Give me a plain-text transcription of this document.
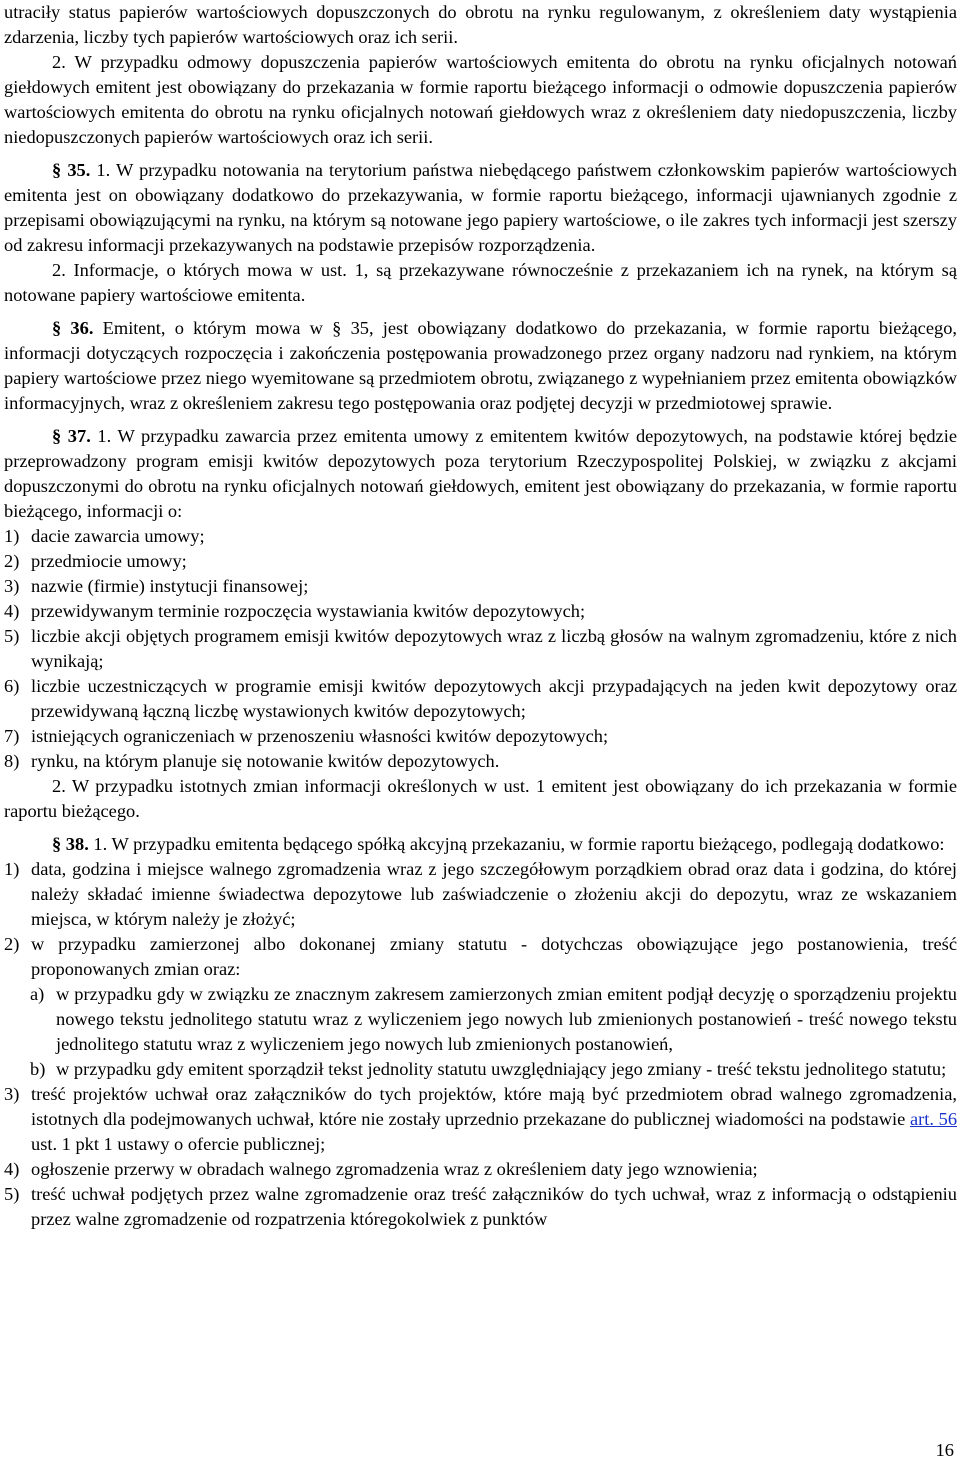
utraciły status papierów wartościowych dopuszczonych do obrotu na rynku regulowanym, z określeniem daty wystąpienia zdarzenia, liczby tych papierów wartościowych oraz ich serii.

2. W przypadku odmowy dopuszczenia papierów wartościowych emitenta do obrotu na rynku oficjalnych notowań giełdowych emitent jest obowiązany do przekazania w formie raportu bieżącego informacji o odmowie dopuszczenia papierów wartościowych emitenta do obrotu na rynku oficjalnych notowań giełdowych wraz z określeniem daty niedopuszczenia, liczby niedopuszczonych papierów wartościowych oraz ich serii.

§ 35. 1. W przypadku notowania na terytorium państwa niebędącego państwem członkowskim papierów wartościowych emitenta jest on obowiązany dodatkowo do przekazywania, w formie raportu bieżącego, informacji ujawnianych zgodnie z przepisami obowiązującymi na rynku, na którym są notowane jego papiery wartościowe, o ile zakres tych informacji jest szerszy od zakresu informacji przekazywanych na podstawie przepisów rozporządzenia.

2. Informacje, o których mowa w ust. 1, są przekazywane równocześnie z przekazaniem ich na rynek, na którym są notowane papiery wartościowe emitenta.

§ 36. Emitent, o którym mowa w § 35, jest obowiązany dodatkowo do przekazania, w formie raportu bieżącego, informacji dotyczących rozpoczęcia i zakończenia postępowania prowadzonego przez organy nadzoru nad rynkiem, na którym papiery wartościowe przez niego wyemitowane są przedmiotem obrotu, związanego z wypełnianiem przez emitenta obowiązków informacyjnych, wraz z określeniem zakresu tego postępowania oraz podjętej decyzji w przedmiotowej sprawie.

§ 37. 1. W przypadku zawarcia przez emitenta umowy z emitentem kwitów depozytowych, na podstawie której będzie przeprowadzony program emisji kwitów depozytowych poza terytorium Rzeczypospolitej Polskiej, w związku z akcjami dopuszczonymi do obrotu na rynku oficjalnych notowań giełdowych, emitent jest obowiązany do przekazania, w formie raportu bieżącego, informacji o:

1) dacie zawarcia umowy;
2) przedmiocie umowy;
3) nazwie (firmie) instytucji finansowej;
4) przewidywanym terminie rozpoczęcia wystawiania kwitów depozytowych;
5) liczbie akcji objętych programem emisji kwitów depozytowych wraz z liczbą głosów na walnym zgromadzeniu, które z nich wynikają;
6) liczbie uczestniczących w programie emisji kwitów depozytowych akcji przypadających na jeden kwit depozytowy oraz przewidywaną łączną liczbę wystawionych kwitów depozytowych;
7) istniejących ograniczeniach w przenoszeniu własności kwitów depozytowych;
8) rynku, na którym planuje się notowanie kwitów depozytowych.

2. W przypadku istotnych zmian informacji określonych w ust. 1 emitent jest obowiązany do ich przekazania w formie raportu bieżącego.

§ 38. 1. W przypadku emitenta będącego spółką akcyjną przekazaniu, w formie raportu bieżącego, podlegają dodatkowo:

1) data, godzina i miejsce walnego zgromadzenia wraz z jego szczegółowym porządkiem obrad oraz data i godzina, do której należy składać imienne świadectwa depozytowe lub zaświadczenie o złożeniu akcji do depozytu, wraz ze wskazaniem miejsca, w którym należy je złożyć;
2) w przypadku zamierzonej albo dokonanej zmiany statutu - dotychczas obowiązujące jego postanowienia, treść proponowanych zmian oraz:
a) w przypadku gdy w związku ze znacznym zakresem zamierzonych zmian emitent podjął decyzję o sporządzeniu projektu nowego tekstu jednolitego statutu wraz z wyliczeniem jego nowych lub zmienionych postanowień - treść nowego tekstu jednolitego statutu wraz z wyliczeniem jego nowych lub zmienionych postanowień,
b) w przypadku gdy emitent sporządził tekst jednolity statutu uwzględniający jego zmiany - treść tekstu jednolitego statutu;
3) treść projektów uchwał oraz załączników do tych projektów, które mają być przedmiotem obrad walnego zgromadzenia, istotnych dla podejmowanych uchwał, które nie zostały uprzednio przekazane do publicznej wiadomości na podstawie art. 56 ust. 1 pkt 1 ustawy o ofercie publicznej;
4) ogłoszenie przerwy w obradach walnego zgromadzenia wraz z określeniem daty jego wznowienia;
5) treść uchwał podjętych przez walne zgromadzenie oraz treść załączników do tych uchwał, wraz z informacją o odstąpieniu przez walne zgromadzenie od rozpatrzenia któregokolwiek z punktów
16
